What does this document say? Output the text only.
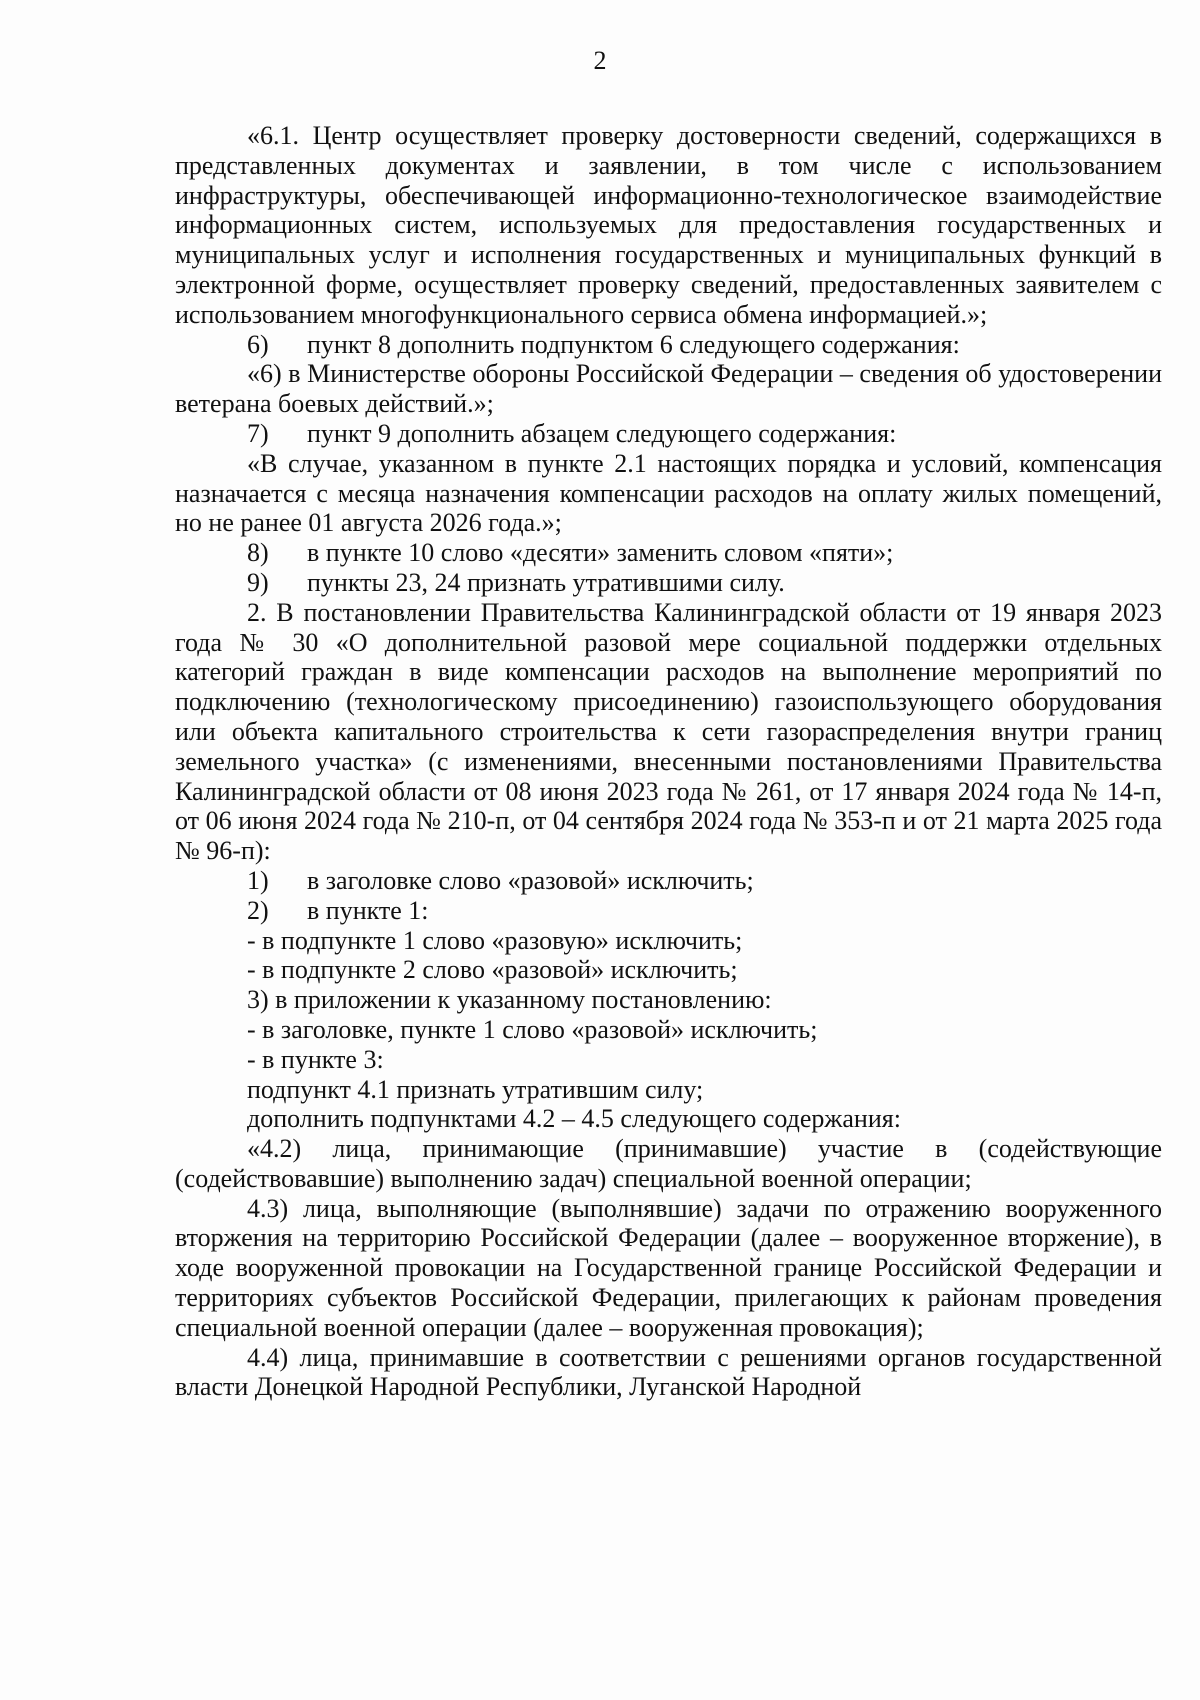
2

«6.1. Центр осуществляет проверку достоверности сведений, содержащихся в представленных документах и заявлении, в том числе с использованием инфраструктуры, обеспечивающей информационно-технологическое взаимодействие информационных систем, используемых для предоставления государственных и муниципальных услуг и исполнения государственных и муниципальных функций в электронной форме, осуществляет проверку сведений, предоставленных заявителем с использованием многофункционального сервиса обмена информацией.»;

6) пункт 8 дополнить подпунктом 6 следующего содержания:

«6) в Министерстве обороны Российской Федерации – сведения об удостоверении ветерана боевых действий.»;

7) пункт 9 дополнить абзацем следующего содержания:

«В случае, указанном в пункте 2.1 настоящих порядка и условий, компенсация назначается с месяца назначения компенсации расходов на оплату жилых помещений, но не ранее 01 августа 2026 года.»;

8) в пункте 10 слово «десяти» заменить словом «пяти»;

9) пункты 23, 24 признать утратившими силу.

2. В постановлении Правительства Калининградской области от 19 января 2023 года № 30 «О дополнительной разовой мере социальной поддержки отдельных категорий граждан в виде компенсации расходов на выполнение мероприятий по подключению (технологическому присоединению) газоиспользующего оборудования или объекта капитального строительства к сети газораспределения внутри границ земельного участка» (с изменениями, внесенными постановлениями Правительства Калининградской области от 08 июня 2023 года № 261, от 17 января 2024 года № 14-п, от 06 июня 2024 года № 210-п, от 04 сентября 2024 года № 353-п и от 21 марта 2025 года № 96-п):

1) в заголовке слово «разовой» исключить;

2) в пункте 1:

- в подпункте 1 слово «разовую» исключить;

- в подпункте 2 слово «разовой» исключить;

3) в приложении к указанному постановлению:

- в заголовке, пункте 1 слово «разовой» исключить;

- в пункте 3:

подпункт 4.1 признать утратившим силу;

дополнить подпунктами 4.2 – 4.5 следующего содержания:

«4.2) лица, принимающие (принимавшие) участие в (содействующие (содействовавшие) выполнению задач) специальной военной операции;

4.3) лица, выполняющие (выполнявшие) задачи по отражению вооруженного вторжения на территорию Российской Федерации (далее – вооруженное вторжение), в ходе вооруженной провокации на Государственной границе Российской Федерации и территориях субъектов Российской Федерации, прилегающих к районам проведения специальной военной операции (далее – вооруженная провокация);

4.4) лица, принимавшие в соответствии с решениями органов государственной власти Донецкой Народной Республики, Луганской Народной
